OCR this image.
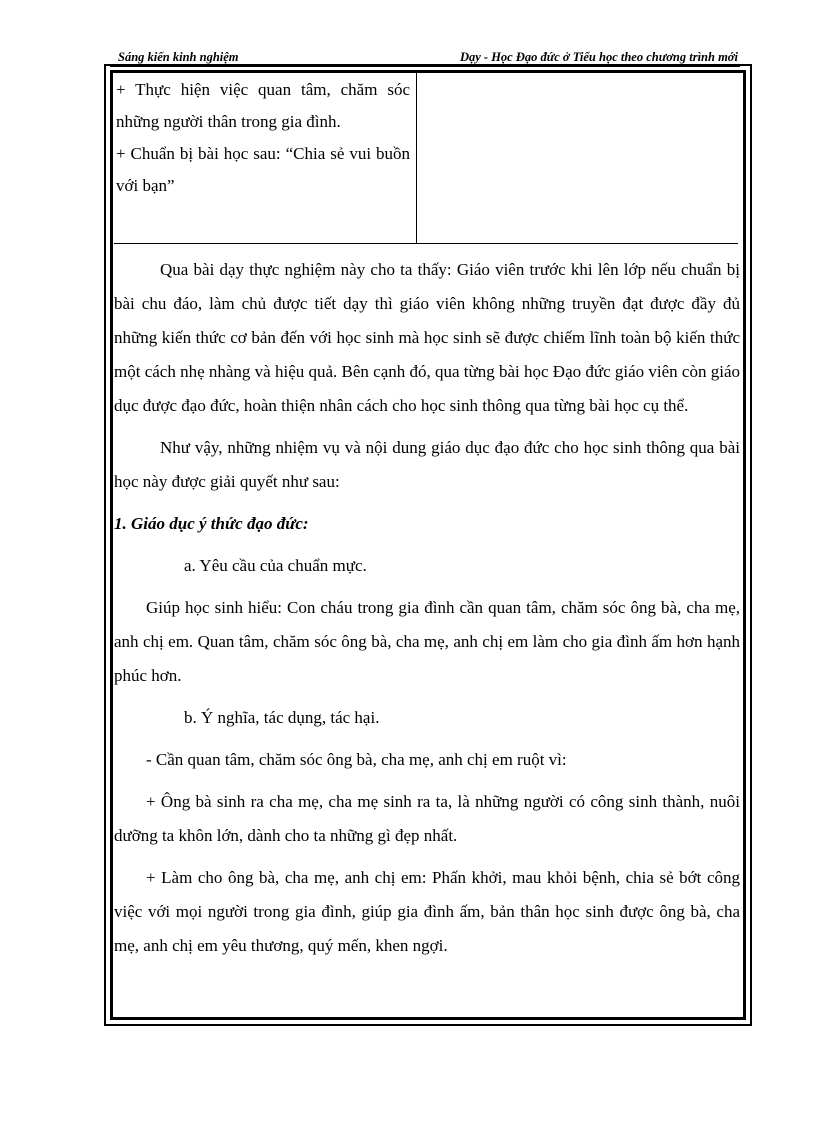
Sáng kiến kinh nghiệm	Dạy - Học Đạo đức ở Tiểu học theo chương trình mới

+ Thực hiện việc quan tâm, chăm sóc những người thân trong gia đình.

+ Chuẩn bị bài học sau: “Chia sẻ vui buồn với bạn”

Qua bài dạy thực nghiệm này cho ta thấy: Giáo viên trước khi lên lớp nếu chuẩn bị bài chu đáo, làm chủ được tiết dạy thì giáo viên không những truyền đạt được đầy đủ những kiến thức cơ bản đến với học sinh mà học sinh sẽ được chiếm lĩnh toàn bộ kiến thức một cách nhẹ nhàng và hiệu quả. Bên cạnh đó, qua từng bài học Đạo đức giáo viên còn giáo dục được đạo đức, hoàn thiện nhân cách cho học sinh thông qua từng bài học cụ thể.

Như vậy, những nhiệm vụ và nội dung giáo dục đạo đức cho học sinh thông qua bài học này được giải quyết như sau:

1. Giáo dục ý thức đạo đức:

a. Yêu cầu của chuẩn mực.

Giúp học sinh hiểu: Con cháu trong gia đình cần quan tâm, chăm sóc ông bà, cha mẹ, anh chị em. Quan tâm, chăm sóc ông bà, cha mẹ, anh chị em làm cho gia đình ấm hơn hạnh phúc hơn.

b. Ý nghĩa, tác dụng, tác hại.

- Cần quan tâm, chăm sóc ông bà, cha mẹ, anh chị em ruột vì:

+ Ông bà sinh ra cha mẹ, cha mẹ sinh ra ta, là những người có công sinh thành, nuôi dưỡng ta khôn lớn, dành cho ta những gì đẹp nhất.

+ Làm cho ông bà, cha mẹ, anh chị em: Phấn khởi, mau khỏi bệnh, chia sẻ bớt công việc với mọi người trong gia đình, giúp gia đình ấm, bản thân học sinh được ông bà, cha mẹ, anh chị em yêu thương, quý mến, khen ngợi.
